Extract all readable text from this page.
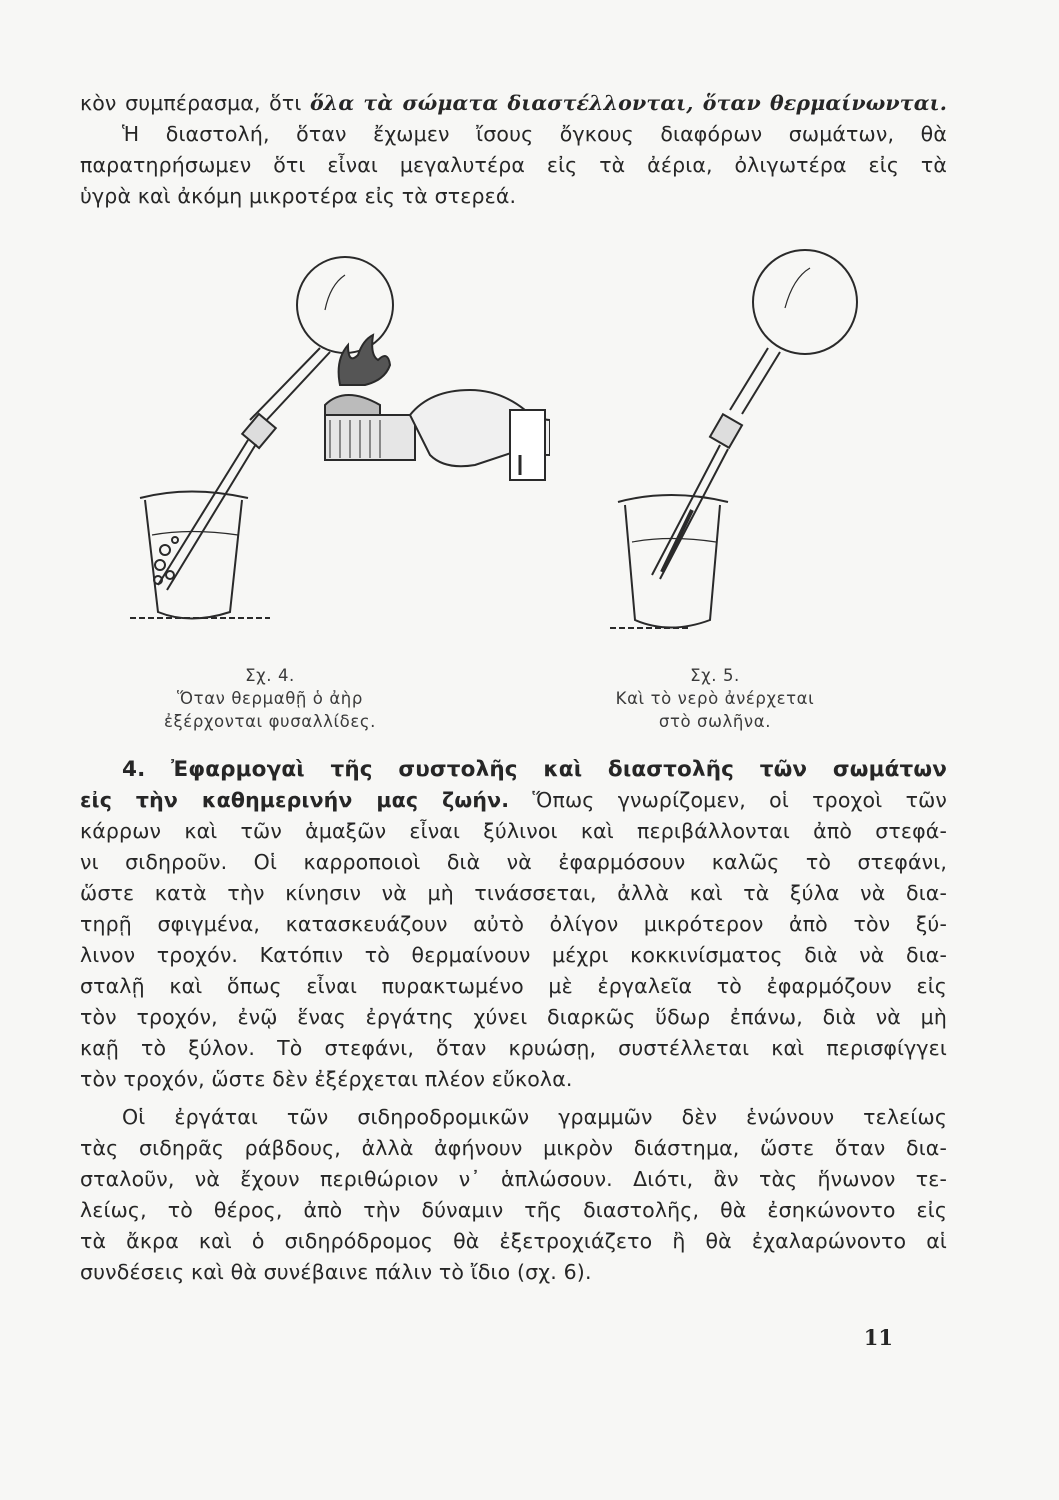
κὸν συμπέρασμα, ὅτι ὅλα τὰ σώματα διαστέλλονται, ὅταν θερμαίνωνται.
Ἡ διαστολή, ὅταν ἔχωμεν ἴσους ὄγκους διαφόρων σωμάτων, θὰ
παρατηρήσωμεν ὅτι εἶναι μεγαλυτέρα εἰς τὰ ἀέρια, ὀλιγωτέρα εἰς τὰ
ὑγρὰ καὶ ἀκόμη μικροτέρα εἰς τὰ στερεά.
Σχ. 4.
Ὅταν θερμαθῇ ὁ ἀὴρ
ἐξέρχονται φυσαλλίδες.
Σχ. 5.
Καὶ τὸ νερὸ ἀνέρχεται
στὸ σωλῆνα.
4. Ἐφαρμογαὶ τῆς συστολῆς καὶ διαστολῆς τῶν σωμάτων
εἰς τὴν καθημερινήν μας ζωήν. Ὅπως γνωρίζομεν, οἱ τροχοὶ τῶν
κάρρων καὶ τῶν ἁμαξῶν εἶναι ξύλινοι καὶ περιβάλλονται ἀπὸ στεφά-
νι σιδηροῦν. Οἱ καρροποιοὶ διὰ νὰ ἐφαρμόσουν καλῶς τὸ στεφάνι,
ὥστε κατὰ τὴν κίνησιν νὰ μὴ τινάσσεται, ἀλλὰ καὶ τὰ ξύλα νὰ δια-
τηρῇ σφιγμένα, κατασκευάζουν αὐτὸ ὀλίγον μικρότερον ἀπὸ τὸν ξύ-
λινον τροχόν. Κατόπιν τὸ θερμαίνουν μέχρι κοκκινίσματος διὰ νὰ δια-
σταλῇ καὶ ὅπως εἶναι πυρακτωμένο μὲ ἐργαλεῖα τὸ ἐφαρμόζουν εἰς
τὸν τροχόν, ἐνῷ ἕνας ἐργάτης χύνει διαρκῶς ὕδωρ ἐπάνω, διὰ νὰ μὴ
καῇ τὸ ξύλον. Τὸ στεφάνι, ὅταν κρυώσῃ, συστέλλεται καὶ περισφίγγει
τὸν τροχόν, ὥστε δὲν ἐξέρχεται πλέον εὔκολα.
Οἱ ἐργάται τῶν σιδηροδρομικῶν γραμμῶν δὲν ἑνώνουν τελείως
τὰς σιδηρᾶς ράβδους, ἀλλὰ ἀφήνουν μικρὸν διάστημα, ὥστε ὅταν δια-
σταλοῦν, νὰ ἔχουν περιθώριον ν᾽ ἁπλώσουν. Διότι, ἂν τὰς ἥνωνον τε-
λείως, τὸ θέρος, ἀπὸ τὴν δύναμιν τῆς διαστολῆς, θὰ ἐσηκώνοντο εἰς
τὰ ἄκρα καὶ ὁ σιδηρόδρομος θὰ ἐξετροχιάζετο ἢ θὰ ἐχαλαρώνοντο αἱ
συνδέσεις καὶ θὰ συνέβαινε πάλιν τὸ ἴδιο (σχ. 6).
11
